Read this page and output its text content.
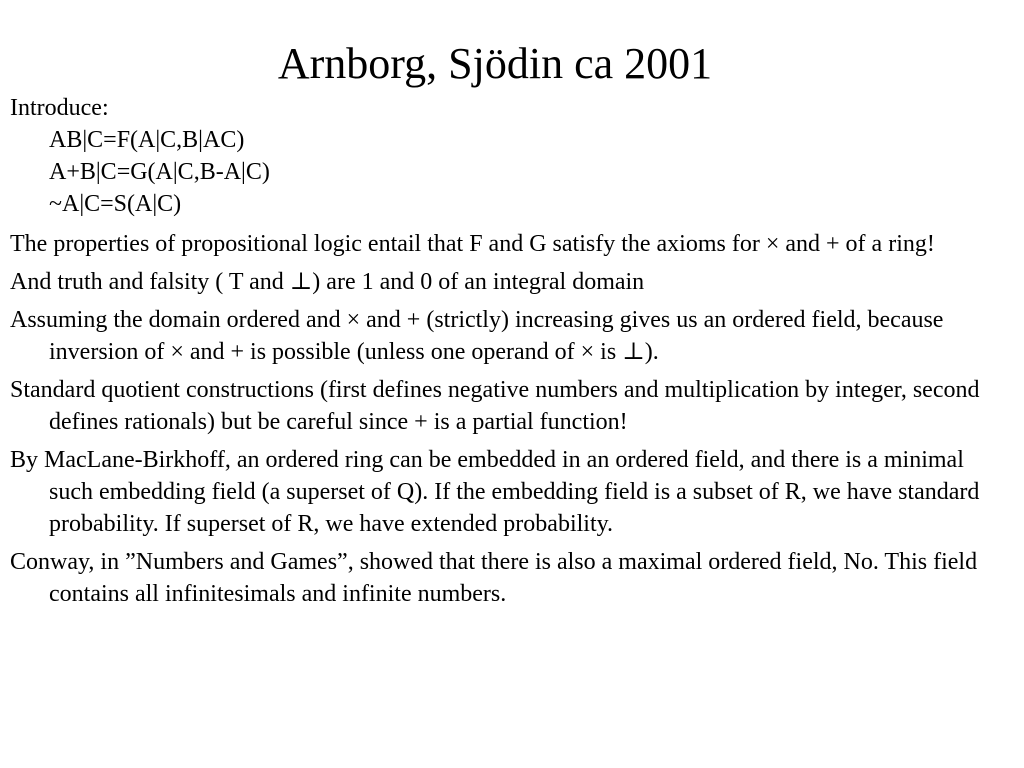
Arnborg, Sjödin ca 2001
Introduce:
AB|C=F(A|C,B|AC)
A+B|C=G(A|C,B-A|C)
~A|C=S(A|C)

The properties of propositional logic entail that F and G satisfy the axioms for × and + of a ring!

And truth and falsity ( T and ⊥) are 1 and 0 of an integral domain

Assuming the domain ordered and × and + (strictly) increasing gives us an ordered field, because inversion of × and + is possible (unless one operand of × is ⊥).

Standard quotient constructions (first defines negative numbers and multiplication by integer, second defines rationals) but be careful since + is a partial function!

By MacLane-Birkhoff, an ordered ring can be embedded in an ordered field, and there is a minimal such embedding field (a superset of Q). If the embedding field is a subset of R, we have standard probability. If superset of R, we have extended probability.

Conway, in ”Numbers and Games”, showed that there is also a maximal ordered field, No. This field contains all infinitesimals and infinite numbers.
